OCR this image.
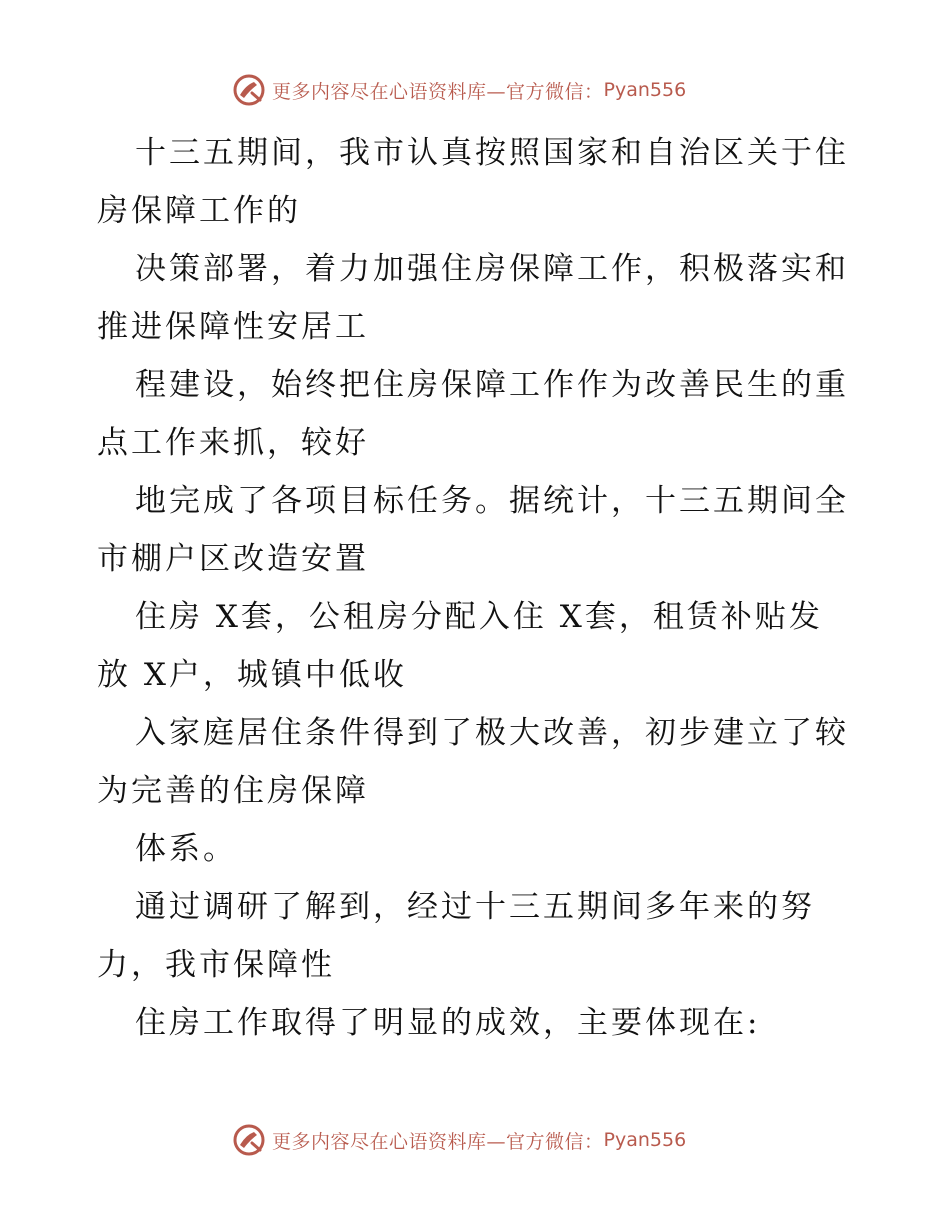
更多内容尽在心语资料库—官方微信： Pyan556
十三五期间，我市认真按照国家和自治区关于住
房保障工作的
决策部署，着力加强住房保障工作，积极落实和
推进保障性安居工
程建设，始终把住房保障工作作为改善民生的重
点工作来抓，较好
地完成了各项目标任务。据统计，十三五期间全
市棚户区改造安置
住房 X套，公租房分配入住 X套，租赁补贴发
放 X户，城镇中低收
入家庭居住条件得到了极大改善，初步建立了较
为完善的住房保障
体系。
通过调研了解到，经过十三五期间多年来的努
力，我市保障性
住房工作取得了明显的成效，主要体现在:
更多内容尽在心语资料库—官方微信： Pyan556
